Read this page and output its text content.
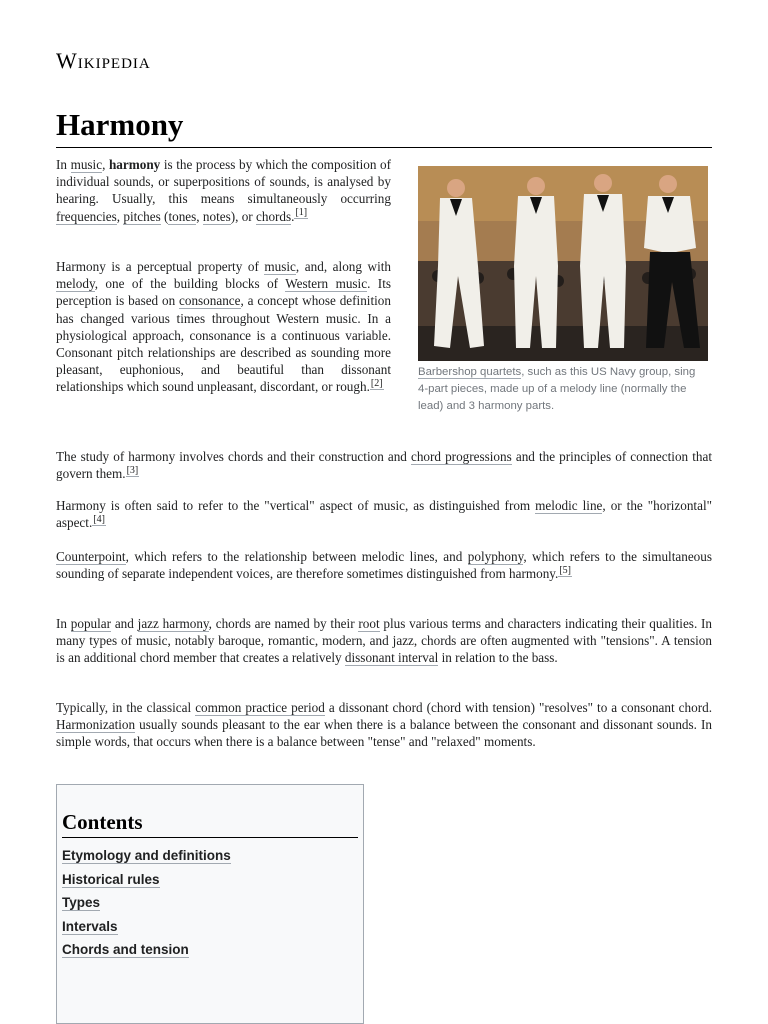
Wikipedia
Harmony

In music, harmony is the process by which the composition of individual sounds, or superpositions of sounds, is analysed by hearing. Usually, this means simultaneously occurring frequencies, pitches (tones, notes), or chords.[1]

Harmony is a perceptual property of music, and, along with melody, one of the building blocks of Western music. Its perception is based on consonance, a concept whose definition has changed various times throughout Western music. In a physiological approach, consonance is a continuous variable. Consonant pitch relationships are described as sounding more pleasant, euphonious, and beautiful than dissonant relationships which sound unpleasant, discordant, or rough.[2]

Barbershop quartets, such as this US Navy group, sing 4-part pieces, made up of a melody line (normally the lead) and 3 harmony parts.

The study of harmony involves chords and their construction and chord progressions and the principles of connection that govern them.[3]

Harmony is often said to refer to the "vertical" aspect of music, as distinguished from melodic line, or the "horizontal" aspect.[4]

Counterpoint, which refers to the relationship between melodic lines, and polyphony, which refers to the simultaneous sounding of separate independent voices, are therefore sometimes distinguished from harmony.[5]

In popular and jazz harmony, chords are named by their root plus various terms and characters indicating their qualities. In many types of music, notably baroque, romantic, modern, and jazz, chords are often augmented with "tensions". A tension is an additional chord member that creates a relatively dissonant interval in relation to the bass.

Typically, in the classical common practice period a dissonant chord (chord with tension) "resolves" to a consonant chord. Harmonization usually sounds pleasant to the ear when there is a balance between the consonant and dissonant sounds. In simple words, that occurs when there is a balance between "tense" and "relaxed" moments.

Contents
Etymology and definitions
Historical rules
Types
Intervals
Chords and tension
